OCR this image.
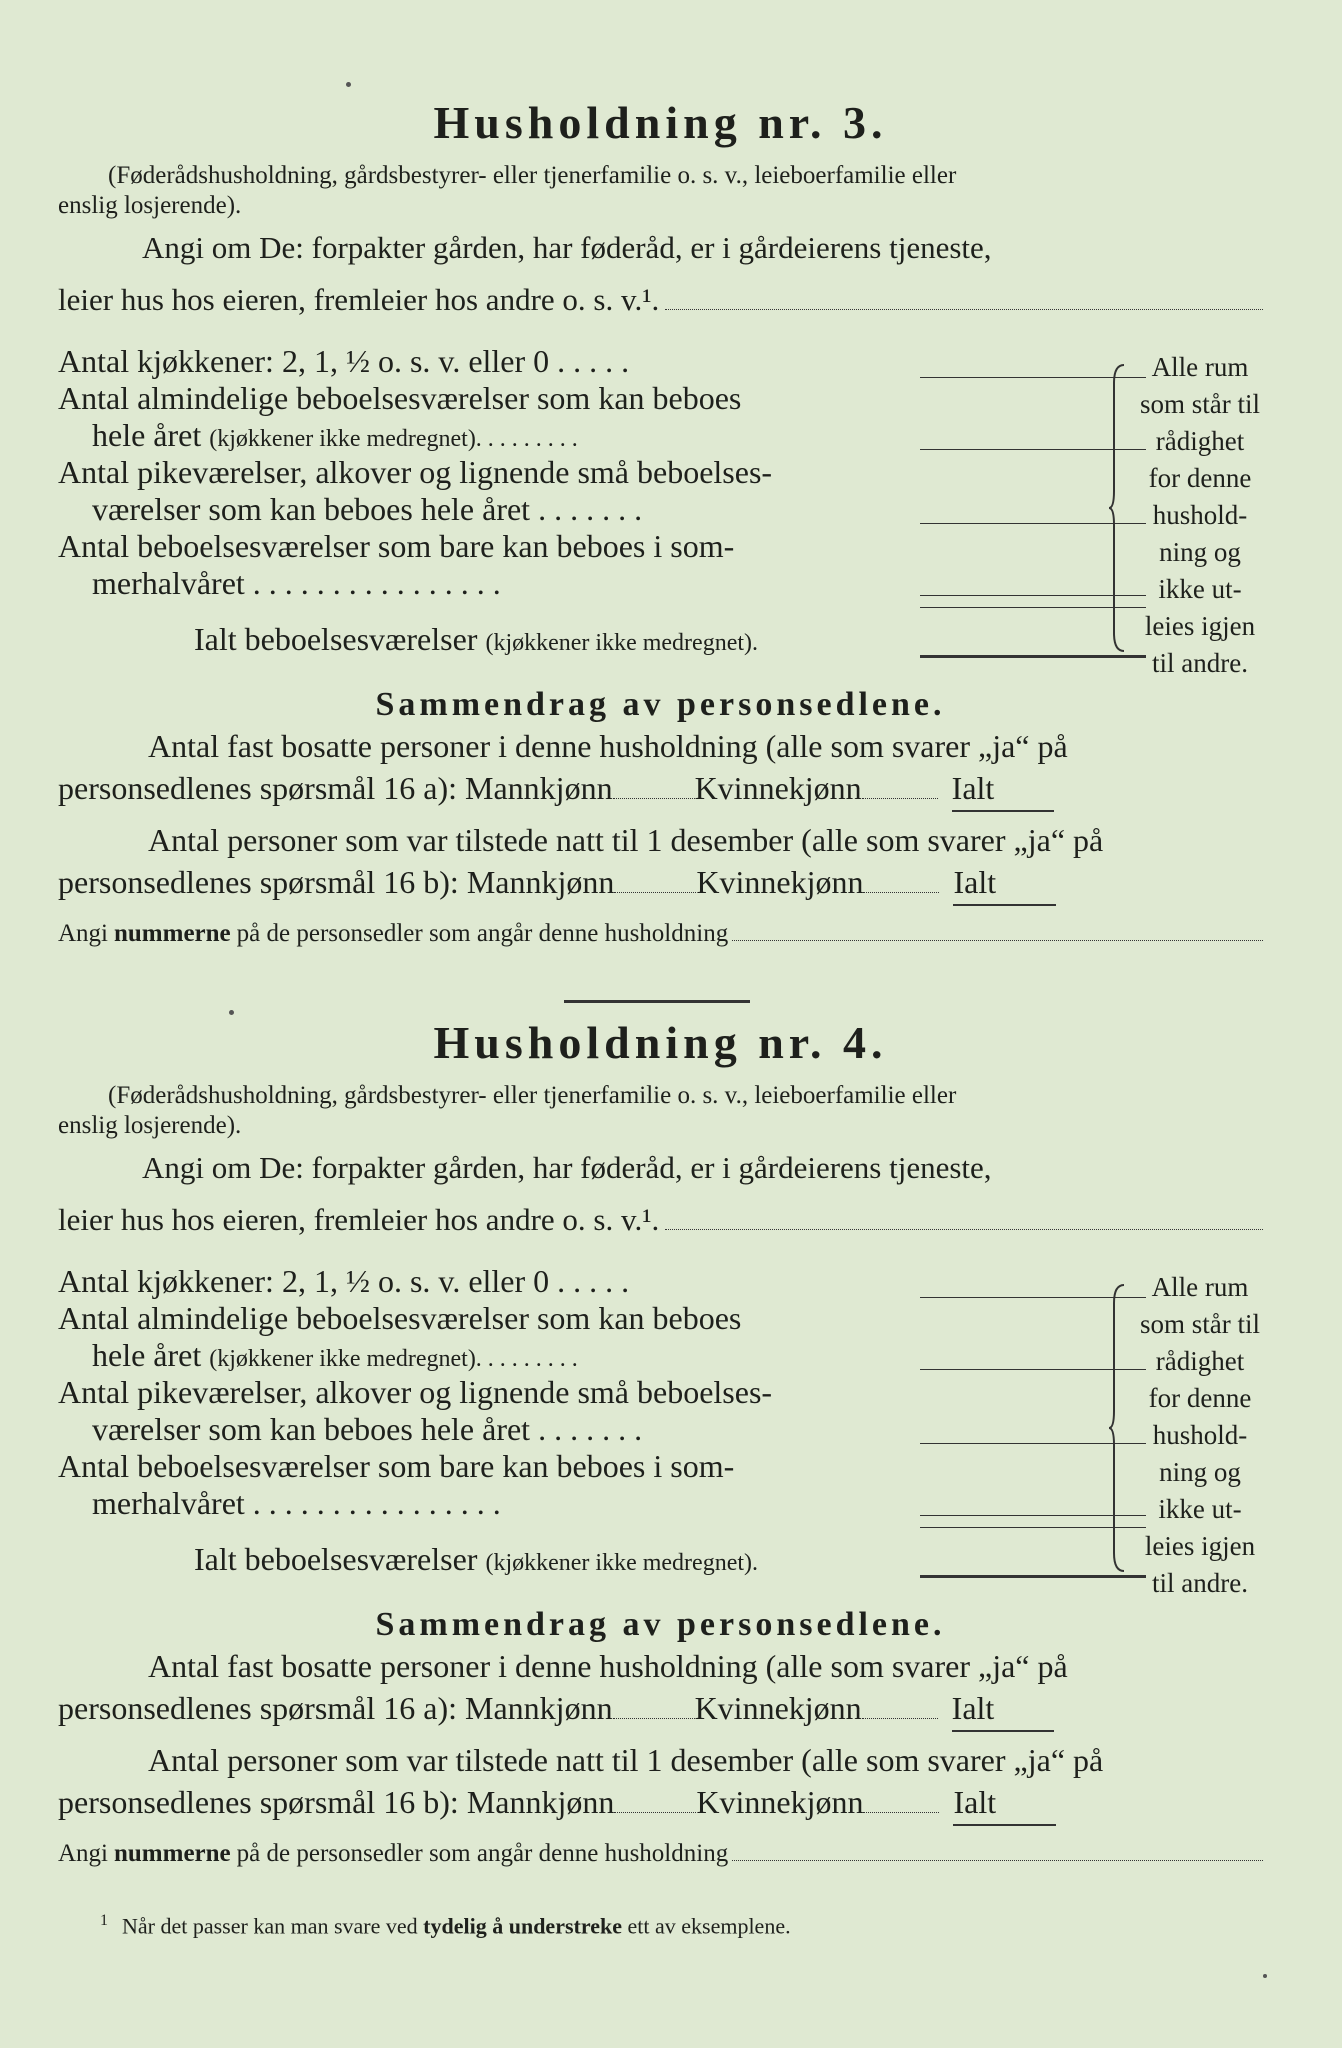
Husholdning nr. 3.
(Føderådshusholdning, gårdsbestyrer- eller tjenerfamilie o. s. v., leieboerfamilie eller
enslig losjerende).
Angi om De: forpakter gården, har føderåd, er i gårdeierens tjeneste,
leier hus hos eieren, fremleier hos andre o. s. v.¹.
Antal kjøkkener: 2, 1, ½ o. s. v. eller 0 . . . . .
Antal almindelige beboelsesværelser som kan beboes
hele året (kjøkkener ikke medregnet). . . . . . . . .
Antal pikeværelser, alkover og lignende små beboelses-
værelser som kan beboes hele året . . . . . . .
Antal beboelsesværelser som bare kan beboes i som-
merhalvåret . . . . . . . . . . . . . . . .
Ialt beboelsesværelser (kjøkkener ikke medregnet).
Alle rum
som står til
rådighet
for denne
hushold-
ning og
ikke ut-
leies igjen
til andre.
Sammendrag av personsedlene.
Antal fast bosatte personer i denne husholdning (alle som svarer „ja“ på
personsedlenes spørsmål 16 a): Mannkjønn	Kvinnekjønn	Ialt
Antal personer som var tilstede natt til 1 desember (alle som svarer „ja“ på
personsedlenes spørsmål 16 b): Mannkjønn	Kvinnekjønn	Ialt
Angi nummerne på de personsedler som angår denne husholdning
Husholdning nr. 4.
(Føderådshusholdning, gårdsbestyrer- eller tjenerfamilie o. s. v., leieboerfamilie eller
enslig losjerende).
Angi om De: forpakter gården, har føderåd, er i gårdeierens tjeneste,
leier hus hos eieren, fremleier hos andre o. s. v.¹.
Antal kjøkkener: 2, 1, ½ o. s. v. eller 0 . . . . .
Antal almindelige beboelsesværelser som kan beboes
hele året (kjøkkener ikke medregnet). . . . . . . . .
Antal pikeværelser, alkover og lignende små beboelses-
værelser som kan beboes hele året . . . . . . .
Antal beboelsesværelser som bare kan beboes i som-
merhalvåret . . . . . . . . . . . . . . . .
Ialt beboelsesværelser (kjøkkener ikke medregnet).
Alle rum
som står til
rådighet
for denne
hushold-
ning og
ikke ut-
leies igjen
til andre.
Sammendrag av personsedlene.
Antal fast bosatte personer i denne husholdning (alle som svarer „ja“ på
personsedlenes spørsmål 16 a): Mannkjønn	Kvinnekjønn	Ialt
Antal personer som var tilstede natt til 1 desember (alle som svarer „ja“ på
personsedlenes spørsmål 16 b): Mannkjønn	Kvinnekjønn	Ialt
Angi nummerne på de personsedler som angår denne husholdning
$^1$ Når det passer kan man svare ved tydelig å understreke ett av eksemplene.
